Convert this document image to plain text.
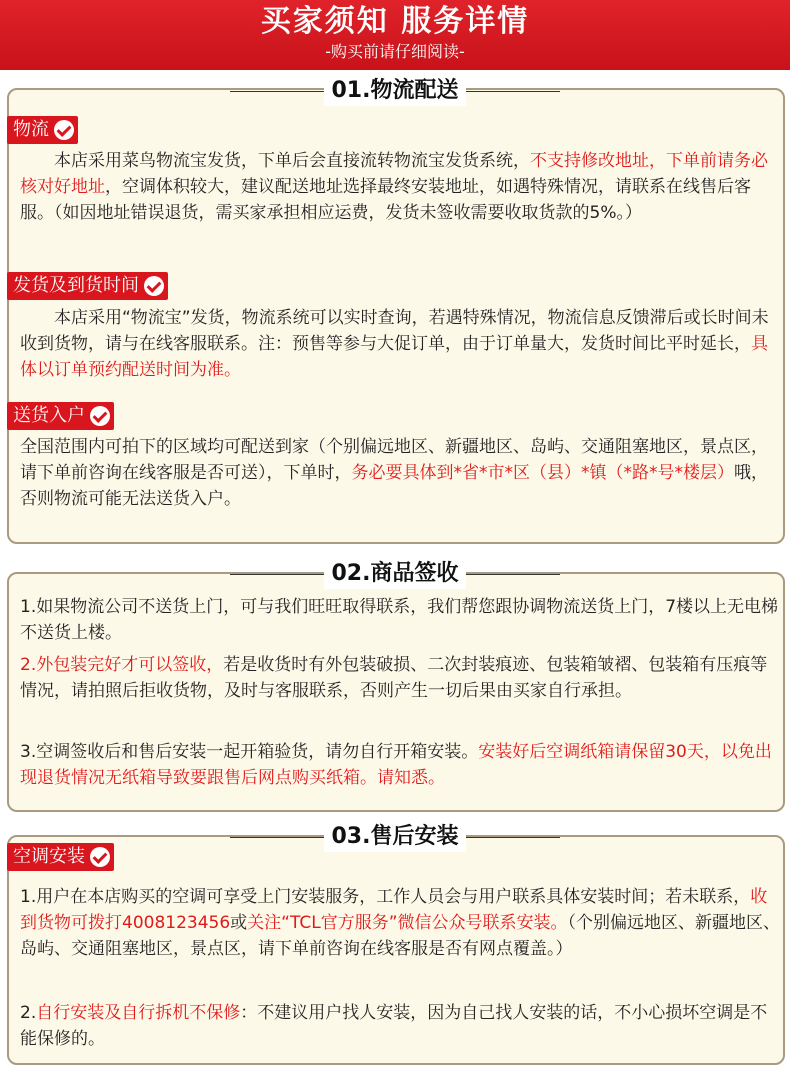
买家须知 服务详情
-购买前请仔细阅读-
01.物流配送
物流
　　本店采用菜鸟物流宝发货，下单后会直接流转物流宝发货系统，不支持修改地址，下单前请务必核对好地址，空调体积较大，建议配送地址选择最终安装地址，如遇特殊情况，请联系在线售后客服。（如因地址错误退货，需买家承担相应运费，发货未签收需要收取货款的5%。）
发货及到货时间
　　本店采用“物流宝”发货，物流系统可以实时查询，若遇特殊情况，物流信息反馈滞后或长时间未收到货物，请与在线客服联系。注：预售等参与大促订单，由于订单量大，发货时间比平时延长，具体以订单预约配送时间为准。
送货入户
全国范围内可拍下的区域均可配送到家（个别偏远地区、新疆地区、岛屿、交通阻塞地区，景点区，请下单前咨询在线客服是否可送），下单时，务必要具体到*省*市*区（县）*镇（*路*号*楼层）哦，否则物流可能无法送货入户。
02.商品签收
1.如果物流公司不送货上门，可与我们旺旺取得联系，我们帮您跟协调物流送货上门，7楼以上无电梯不送货上楼。
2.外包装完好才可以签收，若是收货时有外包装破损、二次封装痕迹、包装箱皱褶、包装箱有压痕等情况，请拍照后拒收货物，及时与客服联系，否则产生一切后果由买家自行承担。
3.空调签收后和售后安装一起开箱验货，请勿自行开箱安装。安装好后空调纸箱请保留30天，以免出现退货情况无纸箱导致要跟售后网点购买纸箱。请知悉。
03.售后安装
空调安装
1.用户在本店购买的空调可享受上门安装服务，工作人员会与用户联系具体安装时间；若未联系，收到货物可拨打4008123456或关注“TCL官方服务”微信公众号联系安装。（个别偏远地区、新疆地区、岛屿、交通阻塞地区，景点区，请下单前咨询在线客服是否有网点覆盖。）
2.自行安装及自行拆机不保修：不建议用户找人安装，因为自己找人安装的话，不小心损坏空调是不能保修的。
